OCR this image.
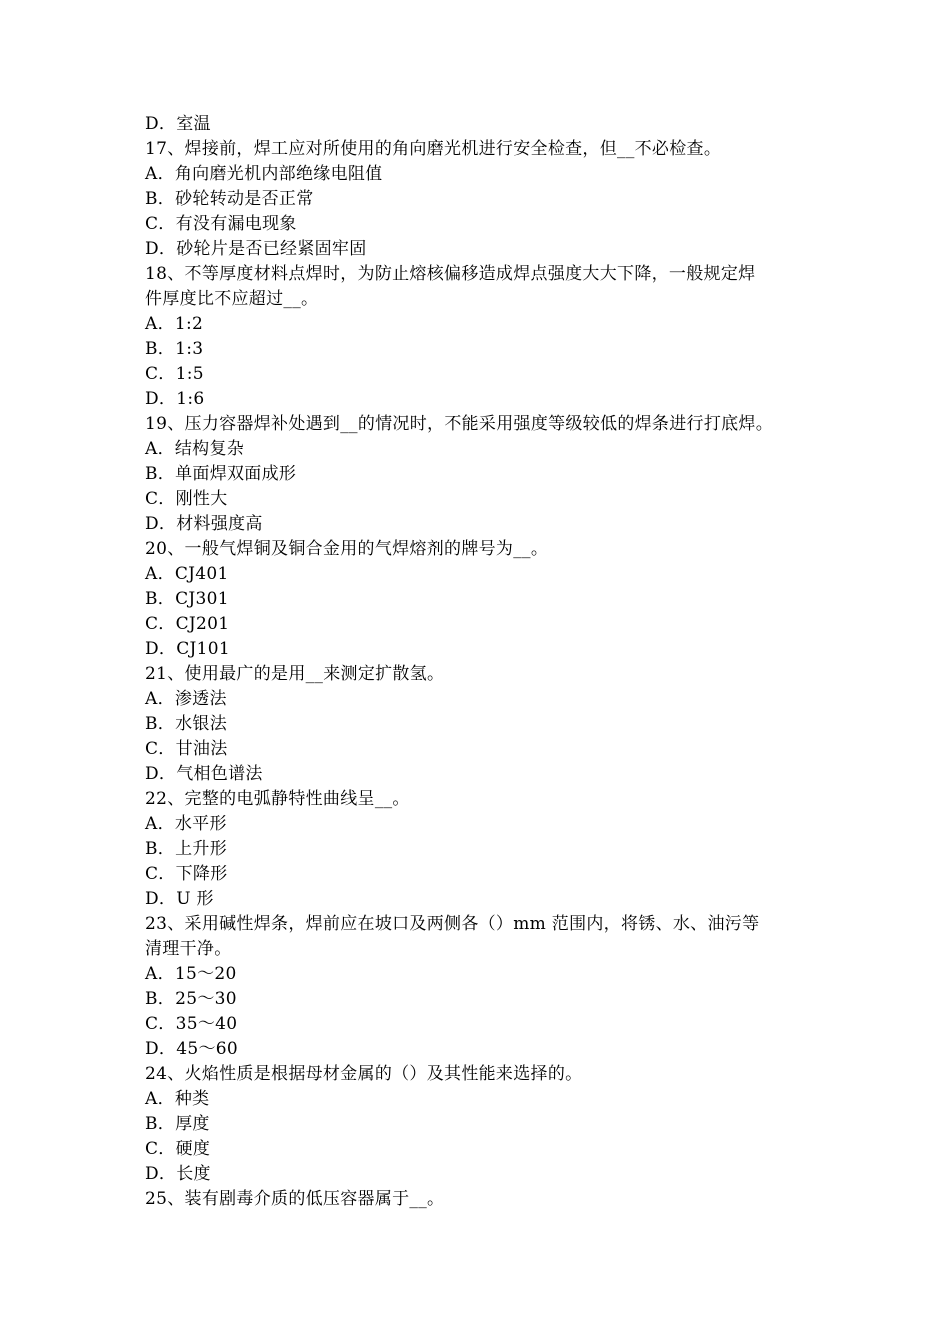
D．室温
17、焊接前，焊工应对所使用的角向磨光机进行安全检查，但__不必检查。
A．角向磨光机内部绝缘电阻值
B．砂轮转动是否正常
C．有没有漏电现象
D．砂轮片是否已经紧固牢固
18、不等厚度材料点焊时，为防止熔核偏移造成焊点强度大大下降，一般规定焊
件厚度比不应超过__。
A．1:2
B．1:3
C．1:5
D．1:6
19、压力容器焊补处遇到__的情况时，不能采用强度等级较低的焊条进行打底焊。
A．结构复杂
B．单面焊双面成形
C．刚性大
D．材料强度高
20、一般气焊铜及铜合金用的气焊熔剂的牌号为__。
A．CJ401
B．CJ301
C．CJ201
D．CJ101
21、使用最广的是用__来测定扩散氢。
A．渗透法
B．水银法
C．甘油法
D．气相色谱法
22、完整的电弧静特性曲线呈__。
A．水平形
B．上升形
C．下降形
D．U 形
23、采用碱性焊条，焊前应在坡口及两侧各（）mm 范围内，将锈、水、油污等
清理干净。
A．15～20
B．25～30
C．35～40
D．45～60
24、火焰性质是根据母材金属的（）及其性能来选择的。
A．种类
B．厚度
C．硬度
D．长度
25、装有剧毒介质的低压容器属于__。
